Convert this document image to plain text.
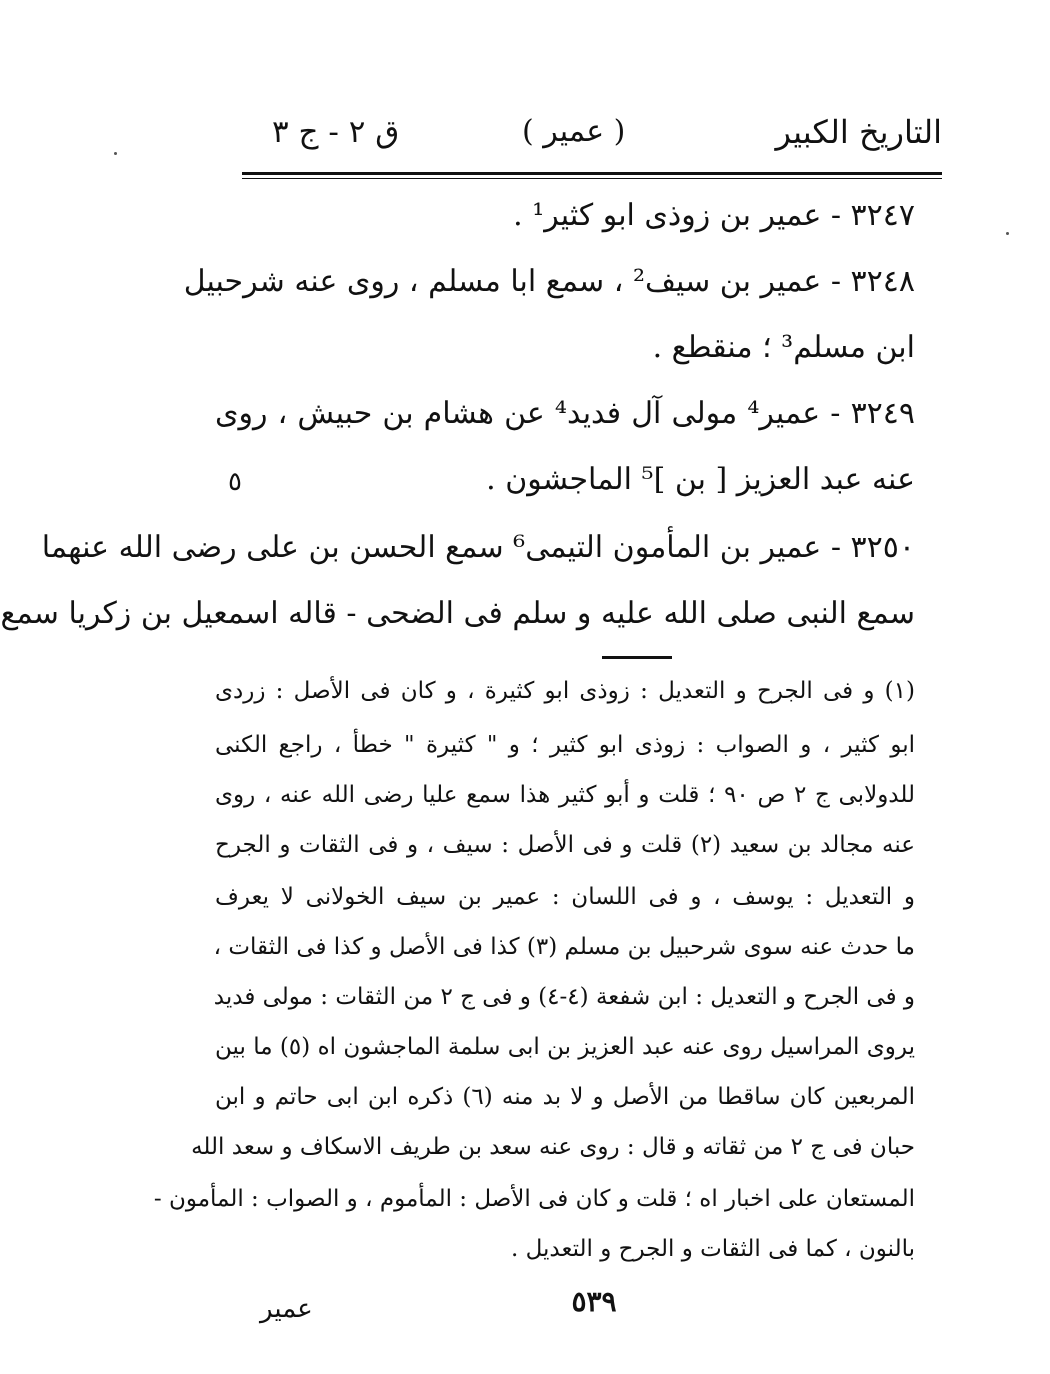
التاريخ الكبير
( عمير )
ق ٢ - ج ٣
٣٢٤٧ - عمير بن زوذى ابو كثير¹ .
٣٢٤٨ - عمير بن سيف² ، سمع ابا مسلم ، روى عنه شرحبيل
ابن مسلم³ ؛ منقطع .
٣٢٤٩ - عمير⁴ مولى آل فديد⁴ عن هشام بن حبيش ، روى
عنه عبد العزيز [ بن ]⁵ الماجشون .
٥
٣٢٥٠ - عمير بن المأمون التيمى⁶ سمع الحسن بن على رضى الله عنهما
سمع النبى صلى الله عليه و سلم فى الضحى - قاله اسمعيل بن زكريا سمع
(١) و فى الجرح و التعديل : زوذى ابو كثيرة ، و كان فى الأصل : زردى
ابو كثير ، و الصواب : زوذى ابو كثير ؛ و " كثيرة " خطأ ، راجع الكنى
للدولابى ج ٢ ص ٩٠ ؛ قلت و أبو كثير هذا سمع عليا رضى الله عنه ، روى
عنه مجالد بن سعيد (٢) قلت و فى الأصل : سيف ، و فى الثقات و الجرح
و التعديل : يوسف ، و فى اللسان : عمير بن سيف الخولانى لا يعرف
ما حدث عنه سوى شرحبيل بن مسلم (٣) كذا فى الأصل و كذا فى الثقات ،
و فى الجرح و التعديل : ابن شفعة (٤-٤) و فى ج ٢ من الثقات : مولى فديد
يروى المراسيل روى عنه عبد العزيز بن ابى سلمة الماجشون اه (٥) ما بين
المربعين كان ساقطا من الأصل و لا بد منه (٦) ذكره ابن ابى حاتم و ابن
حبان فى ج ٢ من ثقاته و قال : روى عنه سعد بن طريف الاسكاف و سعد الله
المستعان على اخبار اه ؛ قلت و كان فى الأصل : المأموم ، و الصواب : المأمون -
بالنون ، كما فى الثقات و الجرح و التعديل .
٥٣٩
عمير
